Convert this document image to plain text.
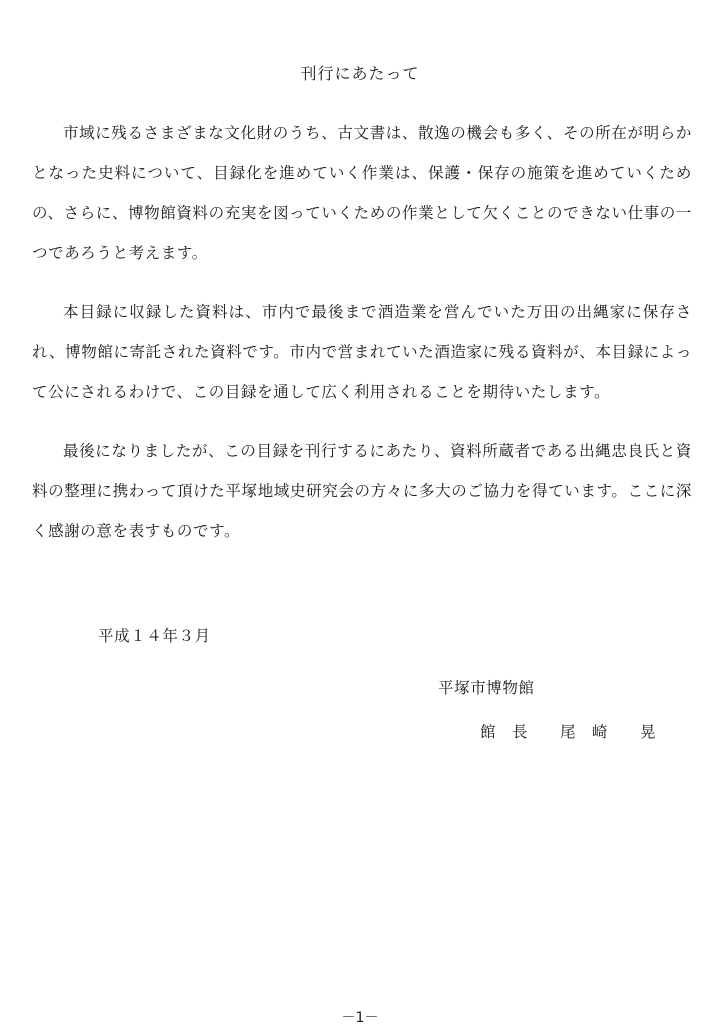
刊行にあたって

市域に残るさまざまな文化財のうち、古文書は、散逸の機会も多く、その所在が明らかとなった史料について、目録化を進めていく作業は、保護・保存の施策を進めていくための、さらに、博物館資料の充実を図っていくための作業として欠くことのできない仕事の一つであろうと考えます。

本目録に収録した資料は、市内で最後まで酒造業を営んでいた万田の出縄家に保存され、博物館に寄託された資料です。市内で営まれていた酒造家に残る資料が、本目録によって公にされるわけで、この目録を通して広く利用されることを期待いたします。

最後になりましたが、この目録を刊行するにあたり、資料所蔵者である出縄忠良氏と資料の整理に携わって頂けた平塚地域史研究会の方々に多大のご協力を得ています。ここに深く感謝の意を表すものです。

平成１４年３月
平塚市博物館
館　長　　尾　崎　　晃
－1－
